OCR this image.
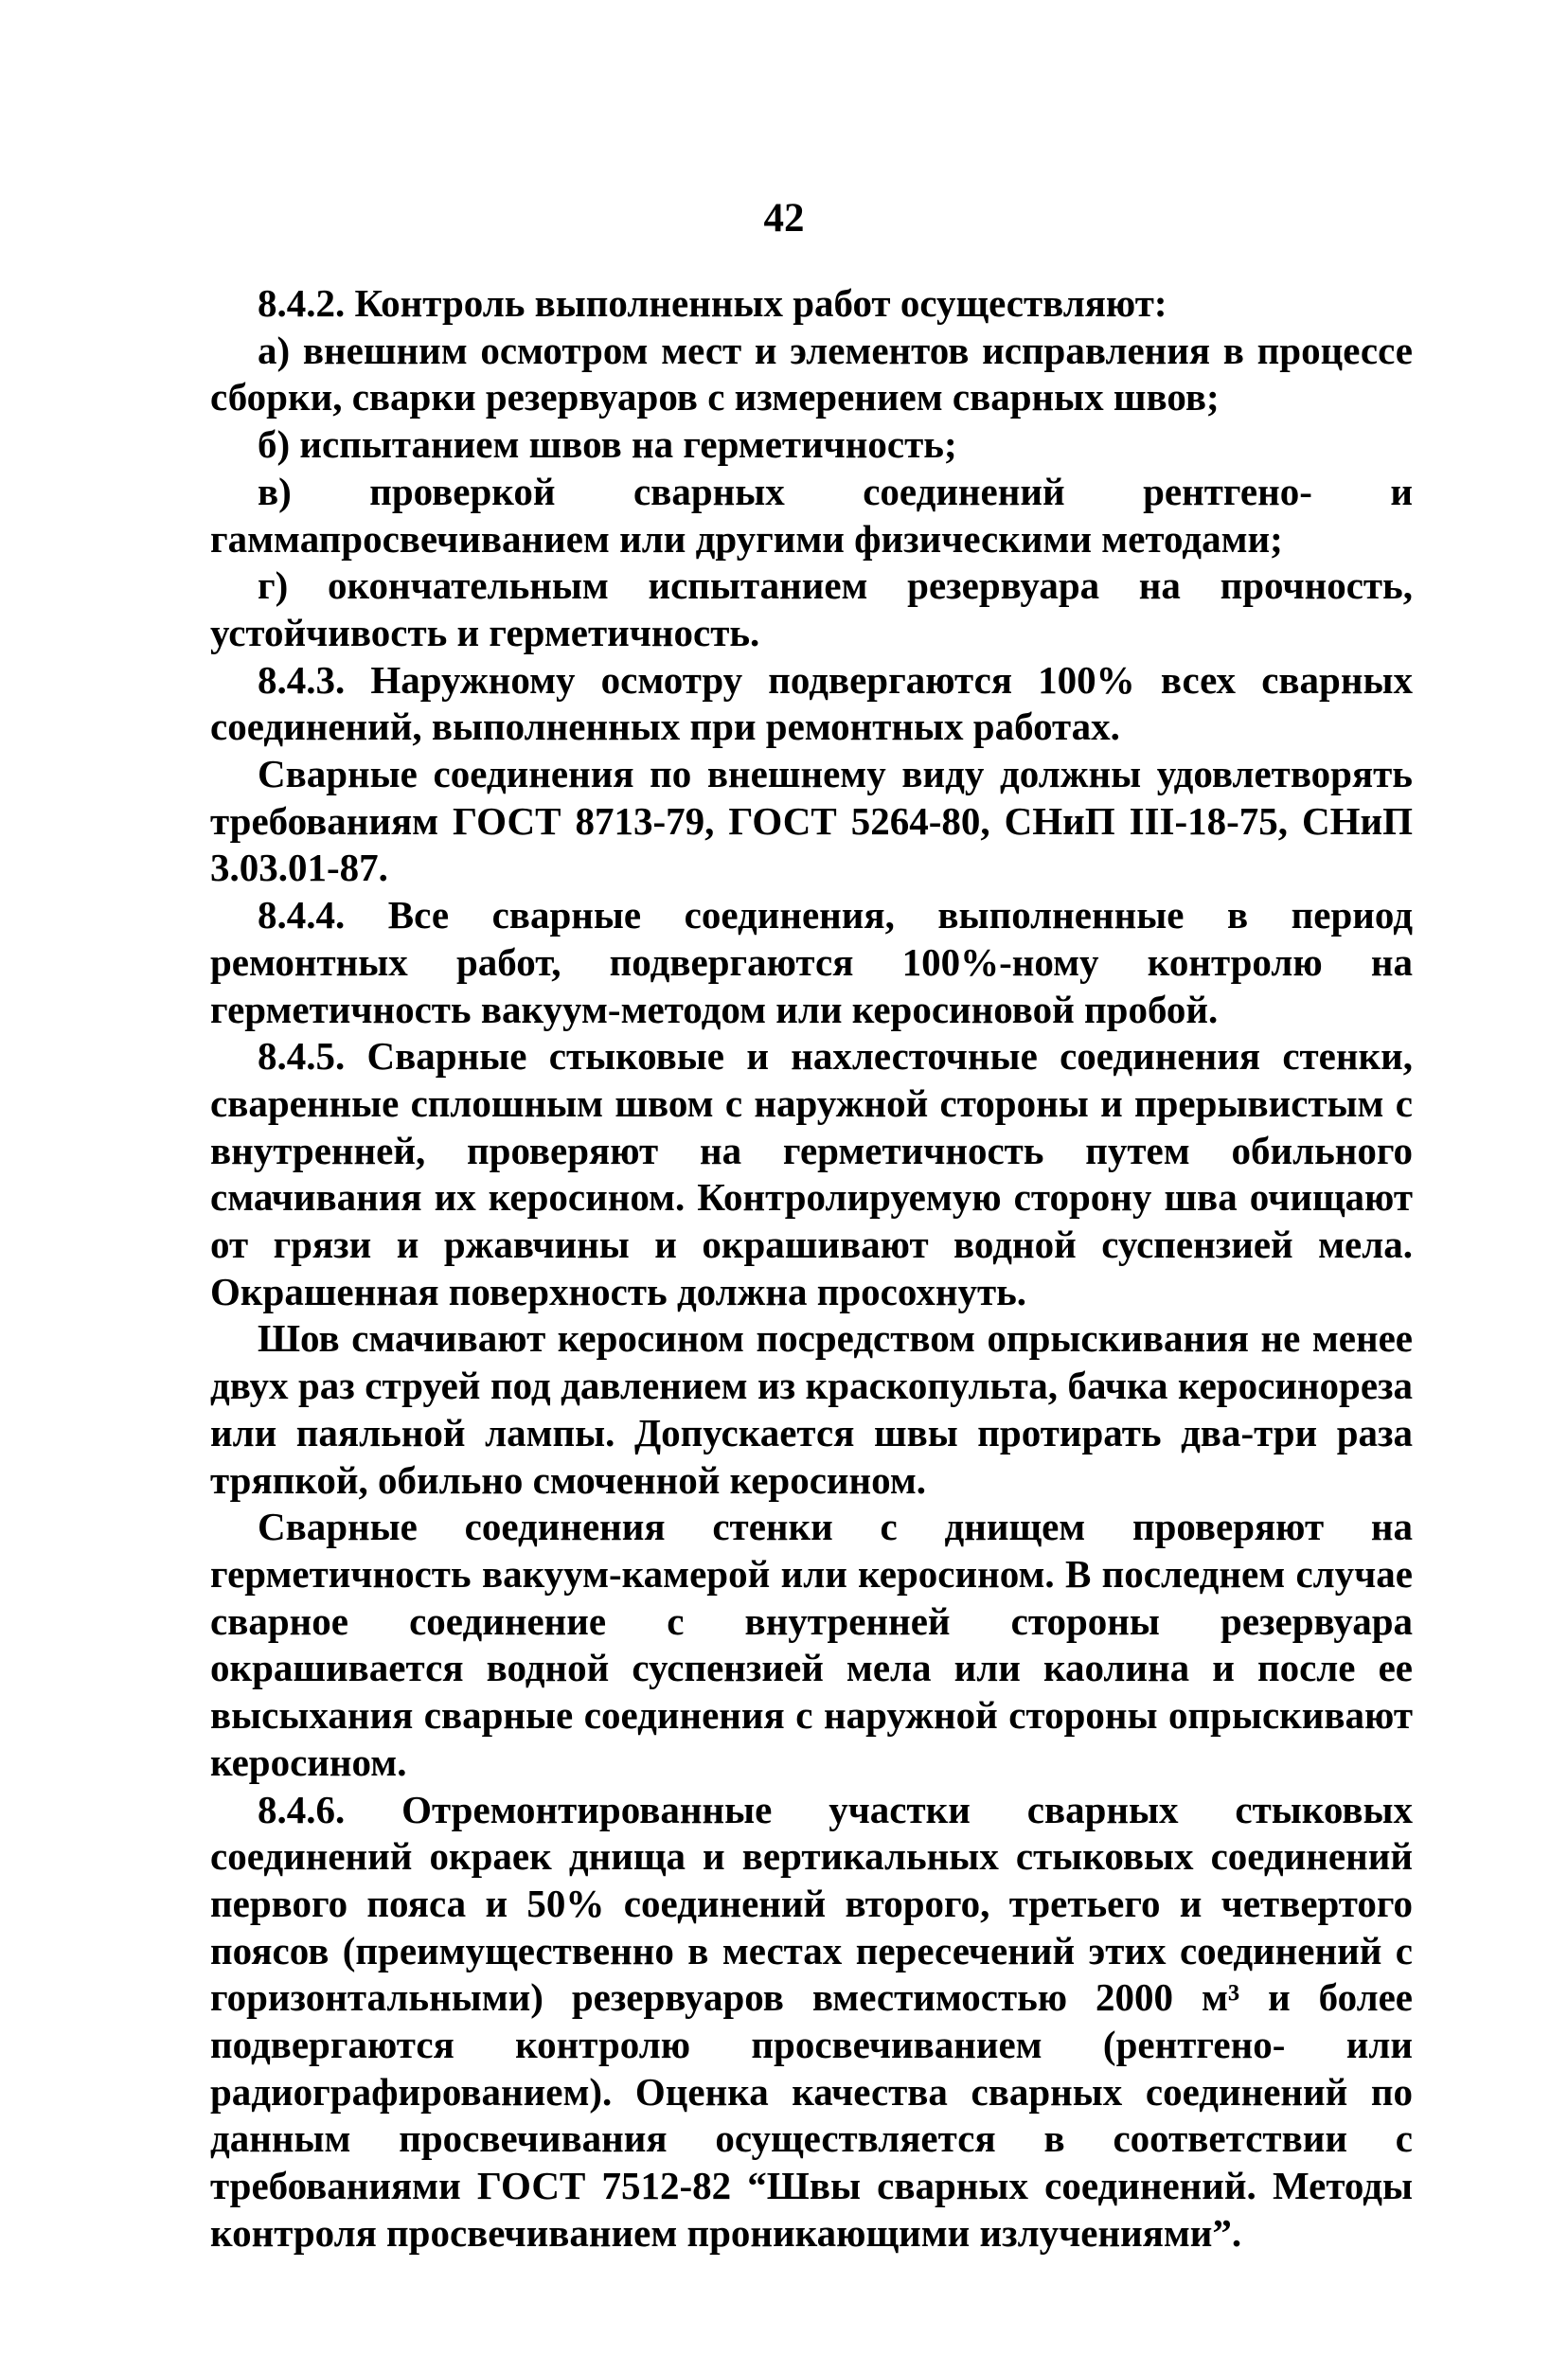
42

8.4.2. Контроль выполненных работ осуществляют:

а) внешним осмотром мест и элементов исправления в процессе сборки, сварки резервуаров с измерением сварных швов;

б) испытанием швов на герметичность;

в) проверкой сварных соединений рентгено- и гаммапросвечиванием или другими физическими методами;

г) окончательным испытанием резервуара на прочность, устойчивость и герметичность.

8.4.3. Наружному осмотру подвергаются 100% всех сварных соединений, выполненных при ремонтных работах.

Сварные соединения по внешнему виду должны удовлетворять требованиям ГОСТ 8713-79, ГОСТ 5264-80, СНиП III-18-75, СНиП 3.03.01-87.

8.4.4. Все сварные соединения, выполненные в период ремонтных работ, подвергаются 100%-ному контролю на герметичность вакуум-методом или керосиновой пробой.

8.4.5. Сварные стыковые и нахлесточные соединения стенки, сваренные сплошным швом с наружной стороны и прерывистым с внутренней, проверяют на герметичность путем обильного смачивания их керосином. Контролируемую сторону шва очищают от грязи и ржавчины и окрашивают водной суспензией мела. Окрашенная поверхность должна просохнуть.

Шов смачивают керосином посредством опрыскивания не менее двух раз струей под давлением из краскопульта, бачка керосинореза или паяльной лампы. Допускается швы протирать два-три раза тряпкой, обильно смоченной керосином.

Сварные соединения стенки с днищем проверяют на герметичность вакуум-камерой или керосином. В последнем случае сварное соединение с внутренней стороны резервуара окрашивается водной суспензией мела или каолина и после ее высыхания сварные соединения с наружной стороны опрыскивают керосином.

8.4.6. Отремонтированные участки сварных стыковых соединений окраек днища и вертикальных стыковых соединений первого пояса и 50% соединений второго, третьего и четвертого поясов (преимущественно в местах пересечений этих соединений с горизонтальными) резервуаров вместимостью 2000 м³ и более подвергаются контролю просвечиванием (рентгено- или радиографированием). Оценка качества сварных соединений по данным просвечивания осуществляется в соответствии с требованиями ГОСТ 7512-82 “Швы сварных соединений. Методы контроля просвечиванием проникающими излучениями”.
